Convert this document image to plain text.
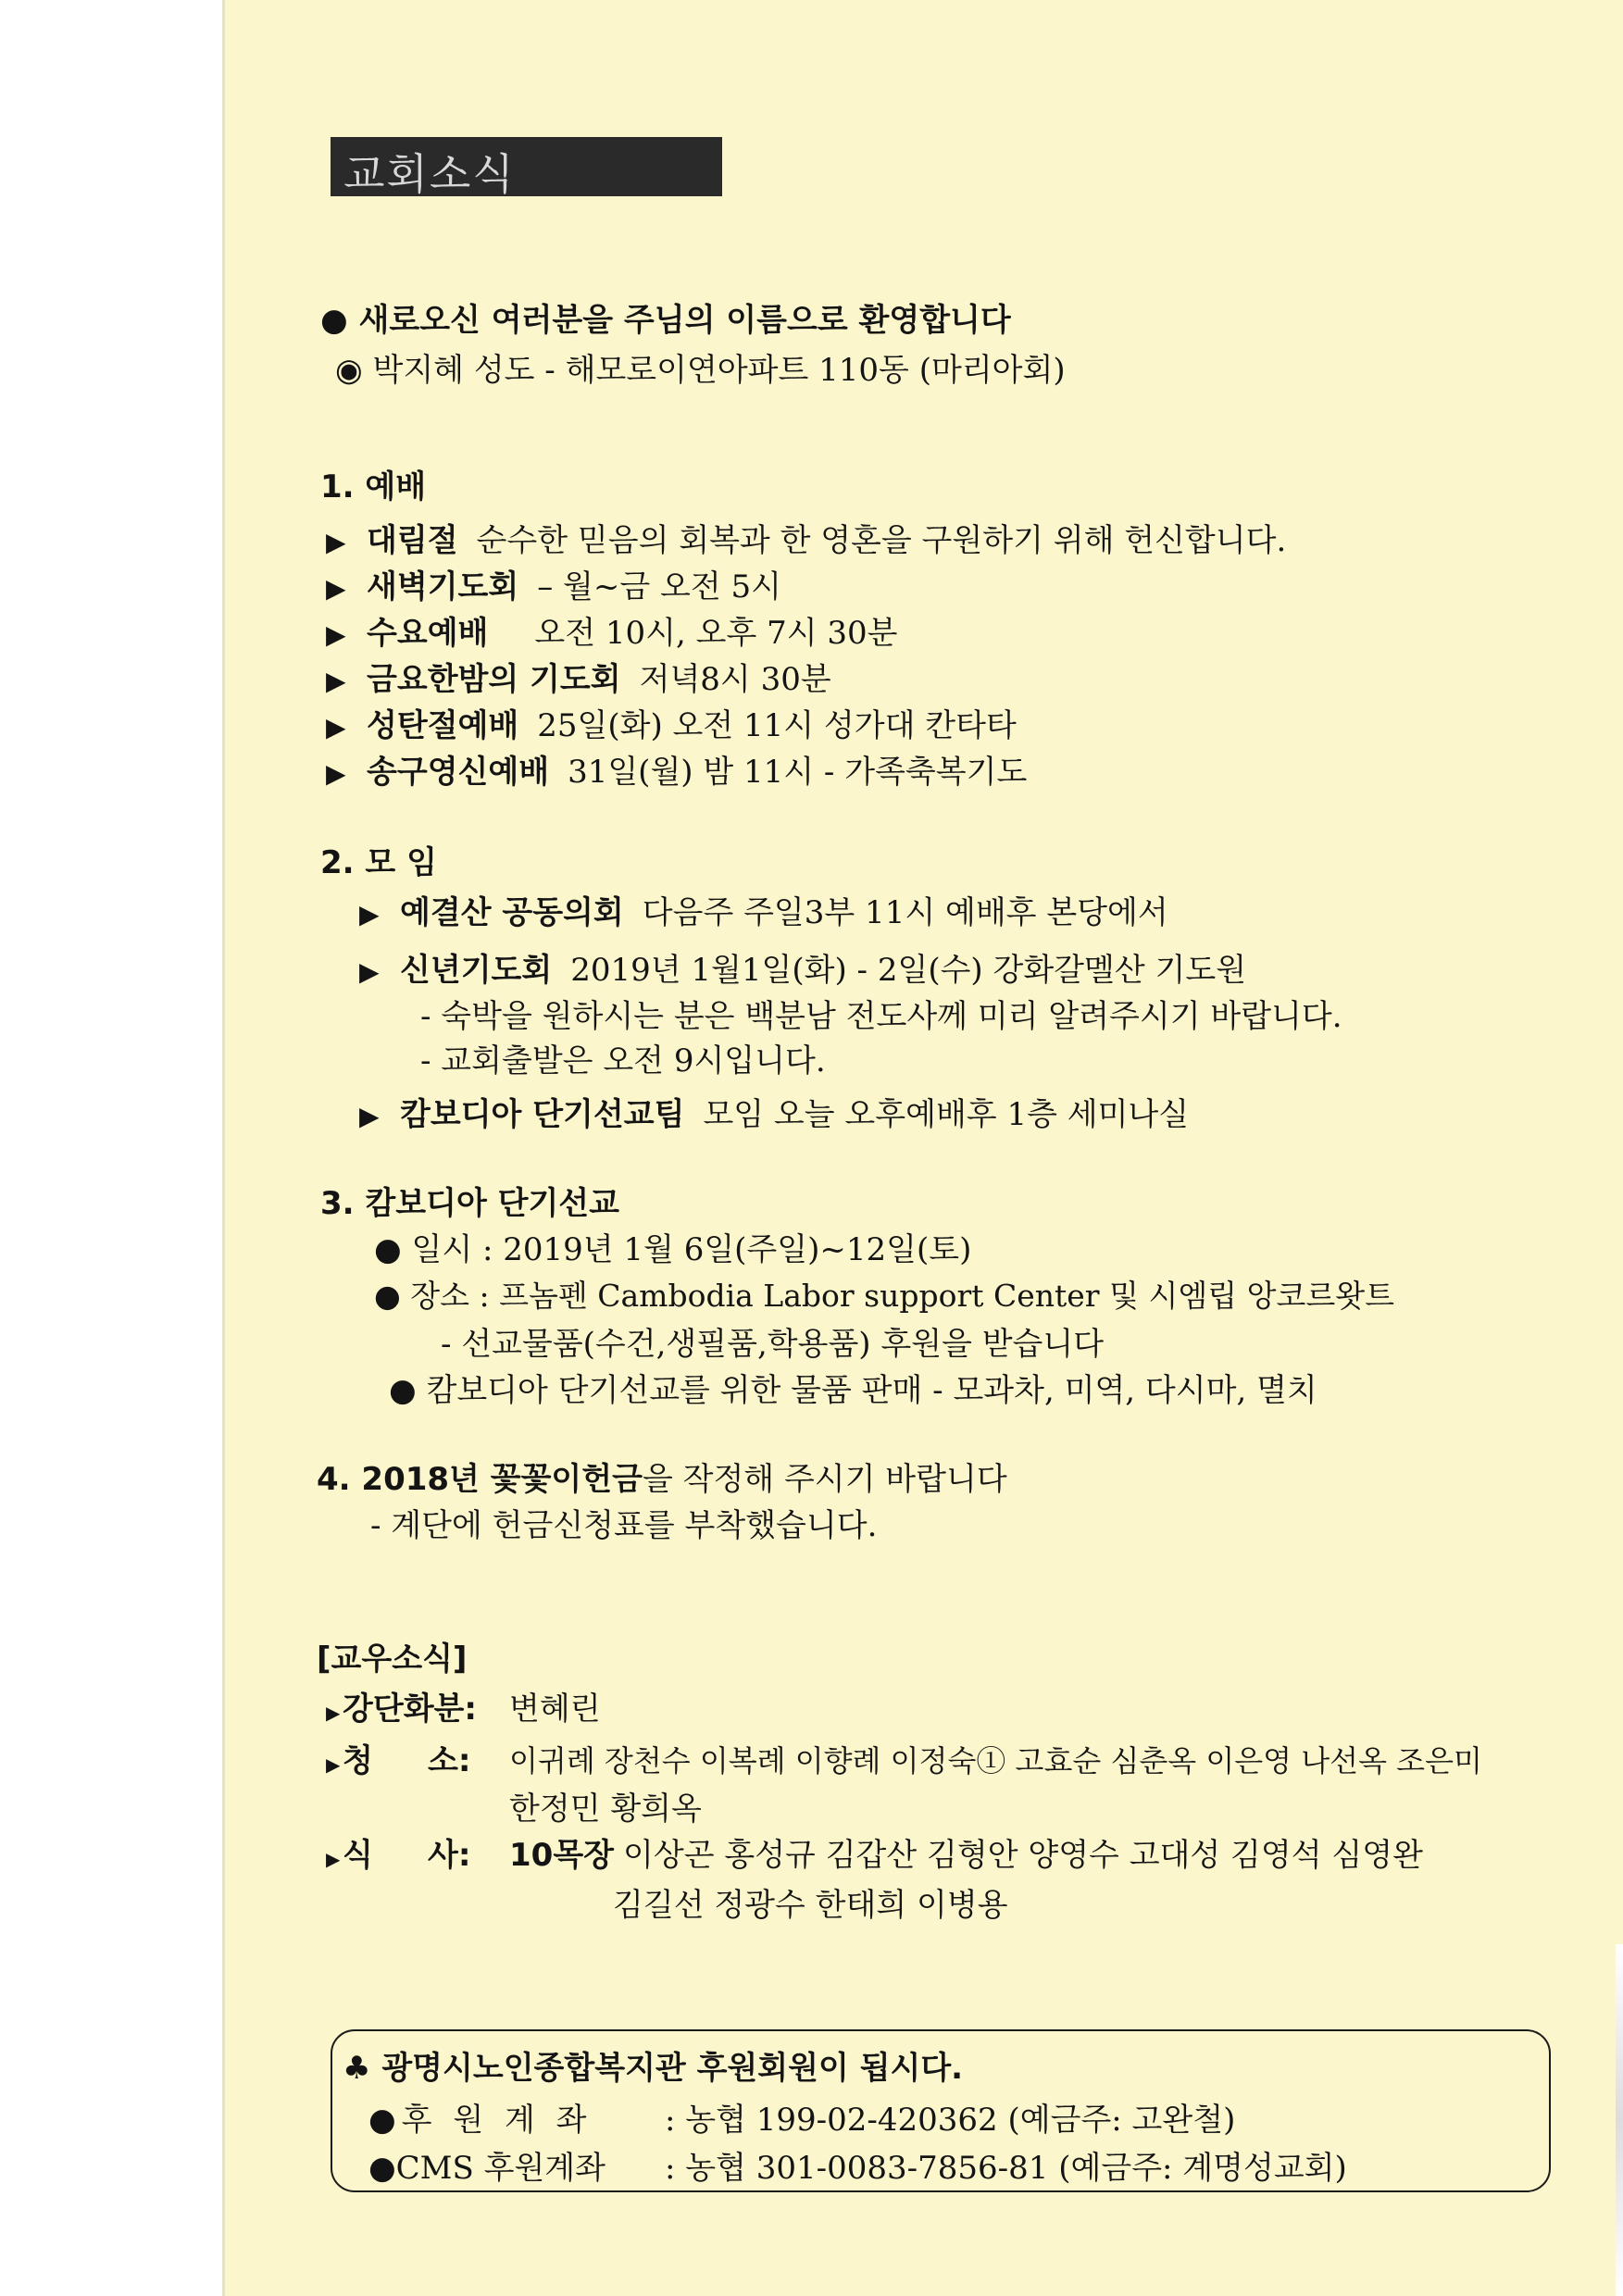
교회소식
● 새로오신 여러분을 주님의 이름으로 환영합니다
◉ 박지혜 성도 - 해모로이연아파트 110동 (마리아회)
1. 예배
▶ 대림절 순수한 믿음의 회복과 한 영혼을 구원하기 위해 헌신합니다.
▶ 새벽기도회 – 월~금 오전 5시
▶ 수요예배 오전 10시, 오후 7시 30분
▶ 금요한밤의 기도회 저녁8시 30분
▶ 성탄절예배 25일(화) 오전 11시 성가대 칸타타
▶ 송구영신예배 31일(월) 밤 11시 - 가족축복기도
2. 모 임
▶ 예결산 공동의회 다음주 주일3부 11시 예배후 본당에서
▶ 신년기도회 2019년 1월1일(화) - 2일(수) 강화갈멜산 기도원
- 숙박을 원하시는 분은 백분남 전도사께 미리 알려주시기 바랍니다.
- 교회출발은 오전 9시입니다.
▶ 캄보디아 단기선교팀 모임 오늘 오후예배후 1층 세미나실
3. 캄보디아 단기선교
● 일시 : 2019년 1월 6일(주일)~12일(토)
● 장소 : 프놈펜 Cambodia Labor support Center 및 시엠립 앙코르왓트
- 선교물품(수건,생필품,학용품) 후원을 받습니다
● 캄보디아 단기선교를 위한 물품 판매 - 모과차, 미역, 다시마, 멸치
4. 2018년 꽃꽃이헌금을 작정해 주시기 바랍니다
- 계단에 헌금신청표를 부착했습니다.
[교우소식]
▶강단화분: 변혜린
▶청     소: 이귀례 장천수 이복례 이향례 이정숙① 고효순 심춘옥 이은영 나선옥 조은미
한정민 황희옥
▶식     사: 10목장 이상곤 홍성규 김갑산 김형안 양영수 고대성 김영석 심영완
김길선 정광수 한태희 이병용
♣ 광명시노인종합복지관 후원회원이 됩시다.
●후 원 계 좌 : 농협 199-02-420362 (예금주: 고완철)
●CMS 후원계좌 : 농협 301-0083-7856-81 (예금주: 계명성교회)
